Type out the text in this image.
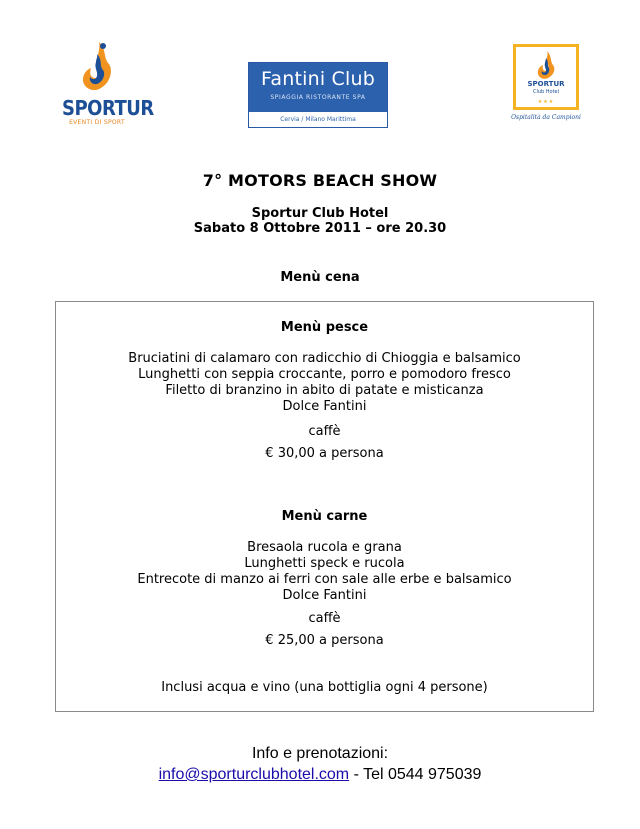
SPORTUR
EVENTI DI SPORT
Fantini Club
SPIAGGIA RISTORANTE SPA
Cervia / Milano Marittima
SPORTUR
Club Hotel
★★★
Ospitalità da Campioni
7° MOTORS BEACH SHOW
Sportur Club Hotel
Sabato 8 Ottobre 2011 – ore 20.30
Menù cena
Menù pesce
Bruciatini di calamaro con radicchio di Chioggia e balsamico
Lunghetti con seppia croccante, porro e pomodoro fresco
Filetto di branzino in abito di patate e misticanza
Dolce Fantini
caffè
€ 30,00 a persona
Menù carne
Bresaola rucola e grana
Lunghetti speck e rucola
Entrecote di manzo ai ferri con sale alle erbe e balsamico
Dolce Fantini
caffè
€ 25,00 a persona
Inclusi acqua e vino (una bottiglia ogni 4 persone)
Info e prenotazioni:
info@sporturclubhotel.com - Tel 0544 975039
